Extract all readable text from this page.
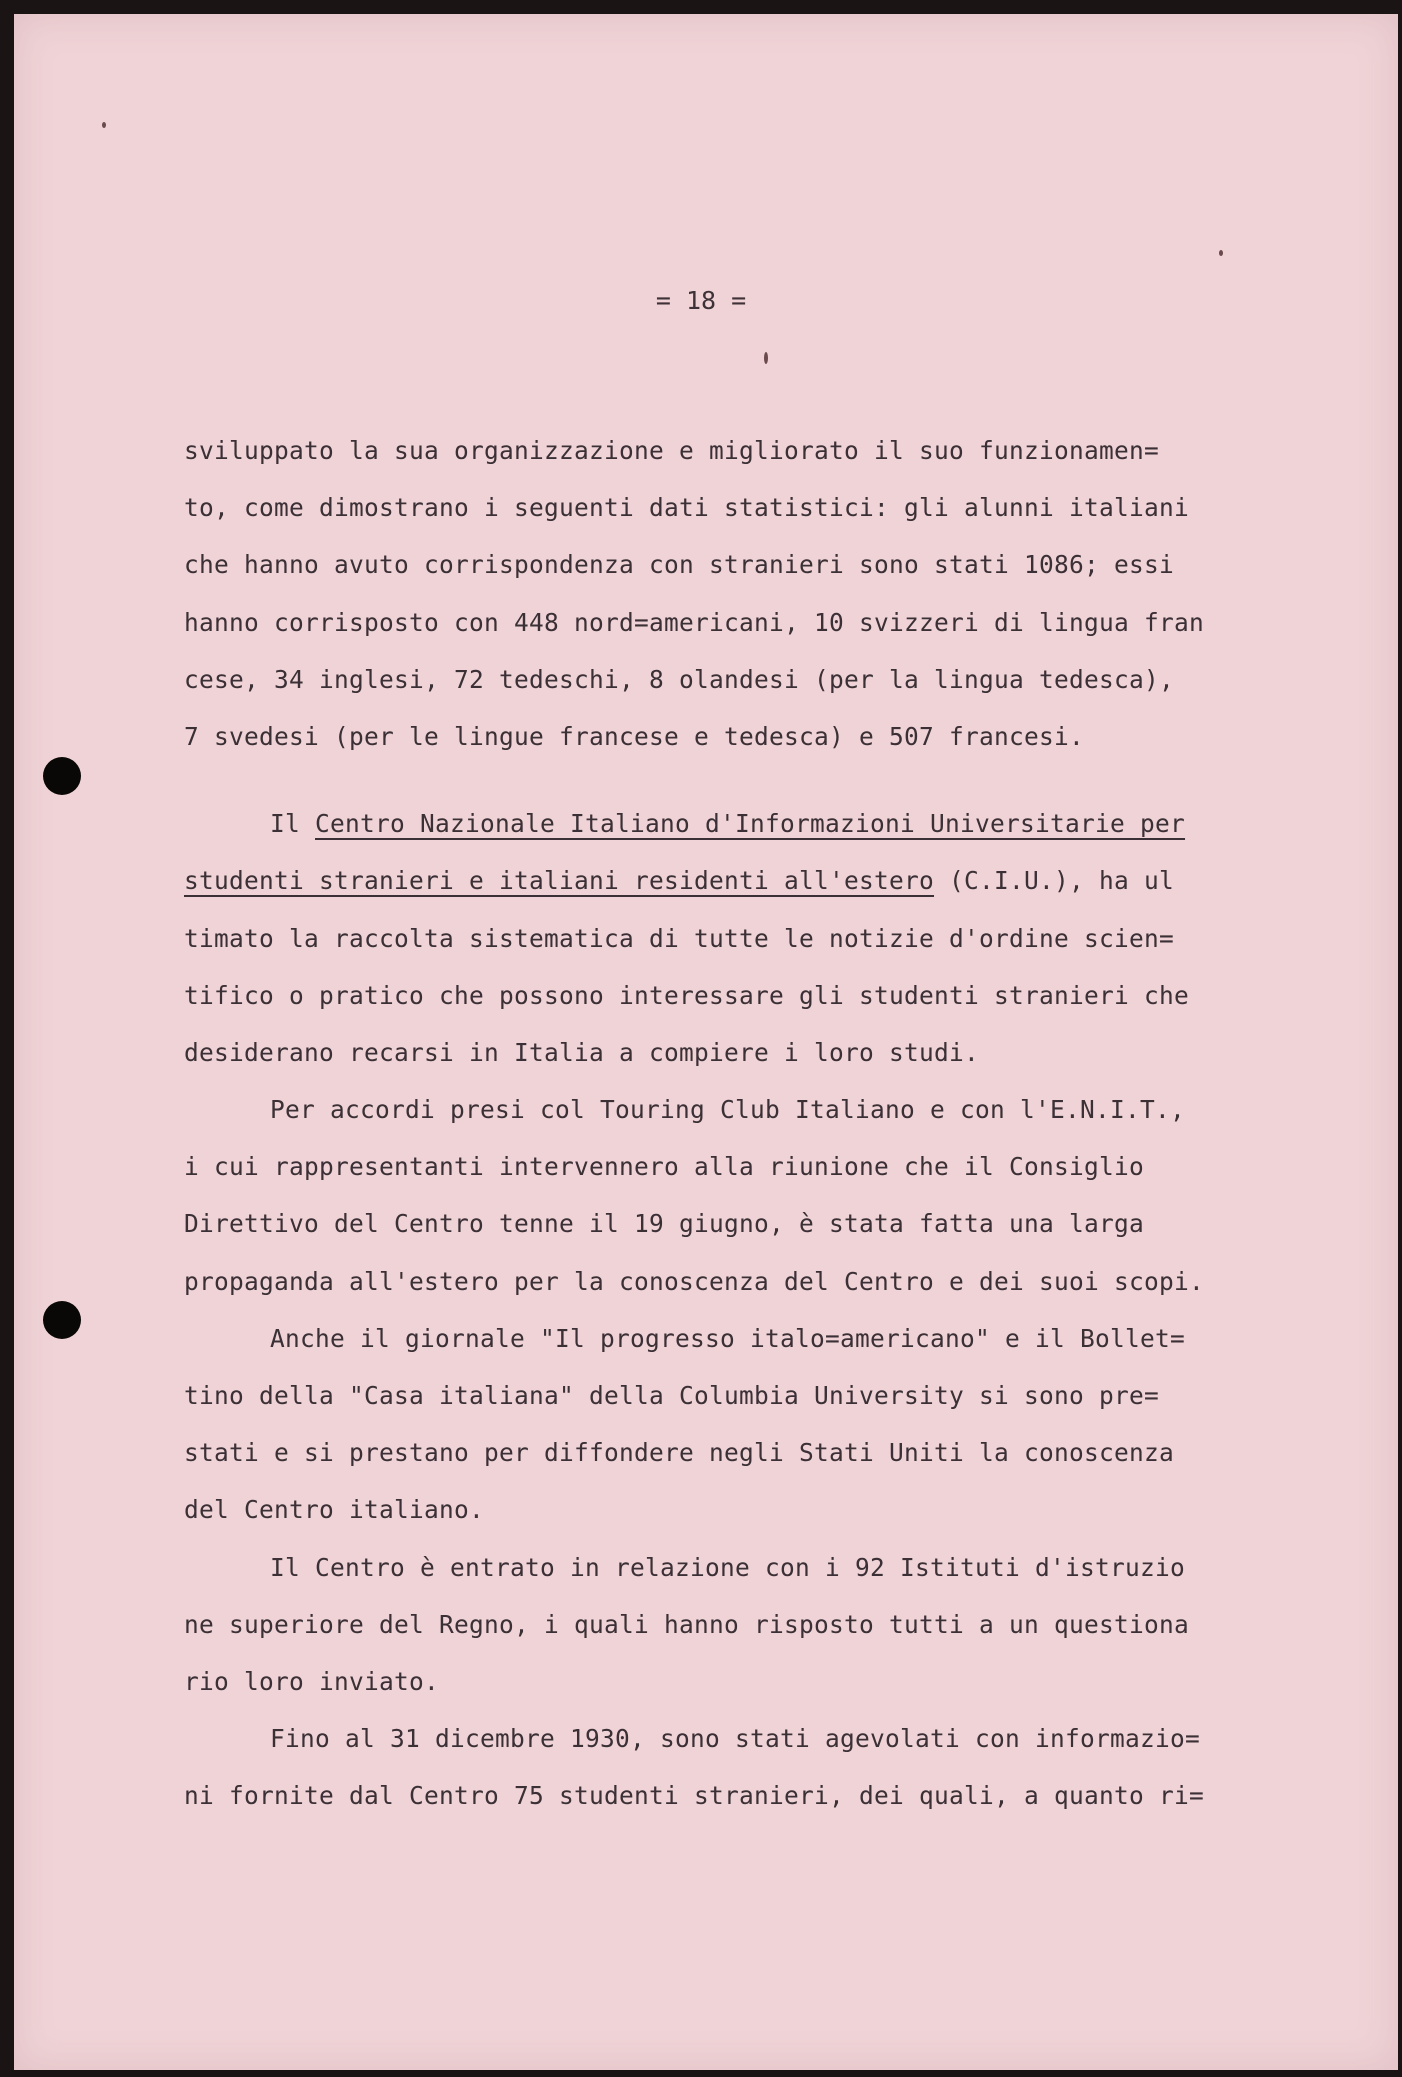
= 18 =
sviluppato la sua organizzazione e migliorato il suo funzionamen=
to, come dimostrano i seguenti dati statistici: gli alunni italiani
che hanno avuto corrispondenza con stranieri sono stati 1086; essi
hanno corrisposto con 448 nord=americani, 10 svizzeri di lingua fran
cese, 34 inglesi, 72 tedeschi, 8 olandesi (per la lingua tedesca),
7 svedesi (per le lingue francese e tedesca) e 507 francesi.
Il Centro Nazionale Italiano d'Informazioni Universitarie per
studenti stranieri e italiani residenti all'estero (C.I.U.), ha ul
timato la raccolta sistematica di tutte le notizie d'ordine scien=
tifico o pratico che possono interessare gli studenti stranieri che
desiderano recarsi in Italia a compiere i loro studi.
Per accordi presi col Touring Club Italiano e con l'E.N.I.T.,
i cui rappresentanti intervennero alla riunione che il Consiglio
Direttivo del Centro tenne il 19 giugno, è stata fatta una larga
propaganda all'estero per la conoscenza del Centro e dei suoi scopi.
Anche il giornale "Il progresso italo=americano" e il Bollet=
tino della "Casa italiana" della Columbia University si sono pre=
stati e si prestano per diffondere negli Stati Uniti la conoscenza
del Centro italiano.
Il Centro è entrato in relazione con i 92 Istituti d'istruzio
ne superiore del Regno, i quali hanno risposto tutti a un questiona
rio loro inviato.
Fino al 31 dicembre 1930, sono stati agevolati con informazio=
ni fornite dal Centro 75 studenti stranieri, dei quali, a quanto ri=
